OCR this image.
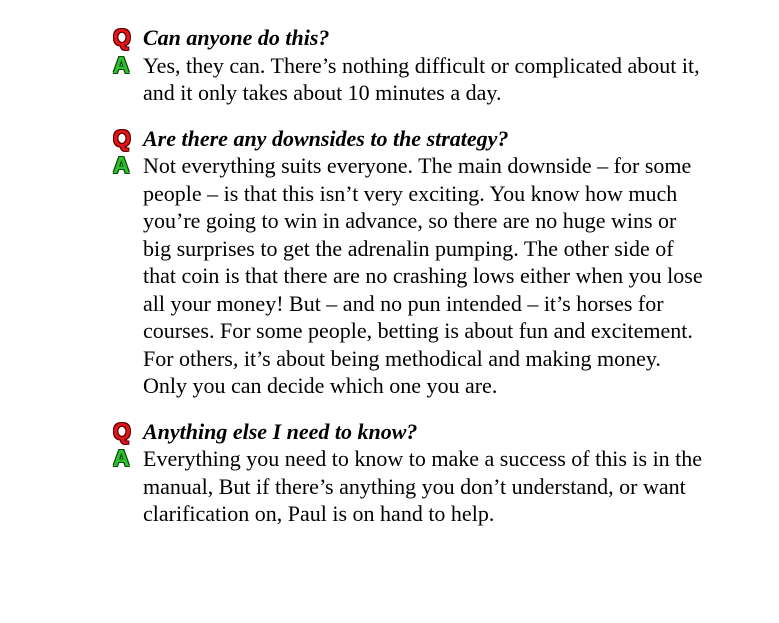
Q Can anyone do this?
A Yes, they can. There’s nothing difficult or complicated about it, and it only takes about 10 minutes a day.
Q Are there any downsides to the strategy?
A Not everything suits everyone. The main downside – for some people – is that this isn’t very exciting. You know how much you’re going to win in advance, so there are no huge wins or big surprises to get the adrenalin pumping. The other side of that coin is that there are no crashing lows either when you lose all your money! But – and no pun intended – it’s horses for courses. For some people, betting is about fun and excitement. For others, it’s about being methodical and making money. Only you can decide which one you are.
Q Anything else I need to know?
A Everything you need to know to make a success of this is in the manual, But if there’s anything you don’t understand, or want clarification on, Paul is on hand to help.
